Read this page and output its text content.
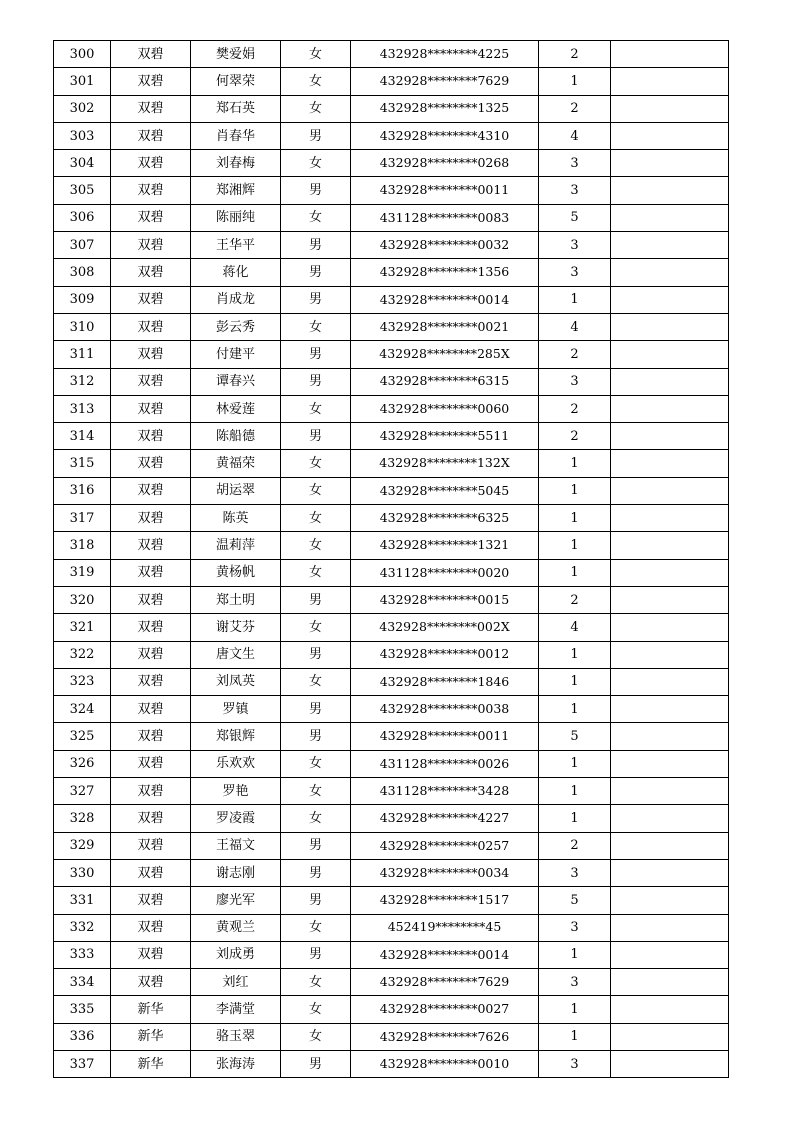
300	双碧	樊爱娟	女	432928********4225	2	
301	双碧	何翠荣	女	432928********7629	1	
302	双碧	郑石英	女	432928********1325	2	
303	双碧	肖春华	男	432928********4310	4	
304	双碧	刘春梅	女	432928********0268	3	
305	双碧	郑湘辉	男	432928********0011	3	
306	双碧	陈丽纯	女	431128********0083	5	
307	双碧	王华平	男	432928********0032	3	
308	双碧	蒋化	男	432928********1356	3	
309	双碧	肖成龙	男	432928********0014	1	
310	双碧	彭云秀	女	432928********0021	4	
311	双碧	付建平	男	432928********285X	2	
312	双碧	谭春兴	男	432928********6315	3	
313	双碧	林爱莲	女	432928********0060	2	
314	双碧	陈船德	男	432928********5511	2	
315	双碧	黄福荣	女	432928********132X	1	
316	双碧	胡运翠	女	432928********5045	1	
317	双碧	陈英	女	432928********6325	1	
318	双碧	温莉萍	女	432928********1321	1	
319	双碧	黄杨帆	女	431128********0020	1	
320	双碧	郑土明	男	432928********0015	2	
321	双碧	谢艾芬	女	432928********002X	4	
322	双碧	唐文生	男	432928********0012	1	
323	双碧	刘凤英	女	432928********1846	1	
324	双碧	罗镇	男	432928********0038	1	
325	双碧	郑银辉	男	432928********0011	5	
326	双碧	乐欢欢	女	431128********0026	1	
327	双碧	罗艳	女	431128********3428	1	
328	双碧	罗凌霞	女	432928********4227	1	
329	双碧	王福文	男	432928********0257	2	
330	双碧	谢志刚	男	432928********0034	3	
331	双碧	廖光军	男	432928********1517	5	
332	双碧	黄观兰	女	452419********45	3	
333	双碧	刘成勇	男	432928********0014	1	
334	双碧	刘红	女	432928********7629	3	
335	新华	李满堂	女	432928********0027	1	
336	新华	骆玉翠	女	432928********7626	1	
337	新华	张海涛	男	432928********0010	3	
